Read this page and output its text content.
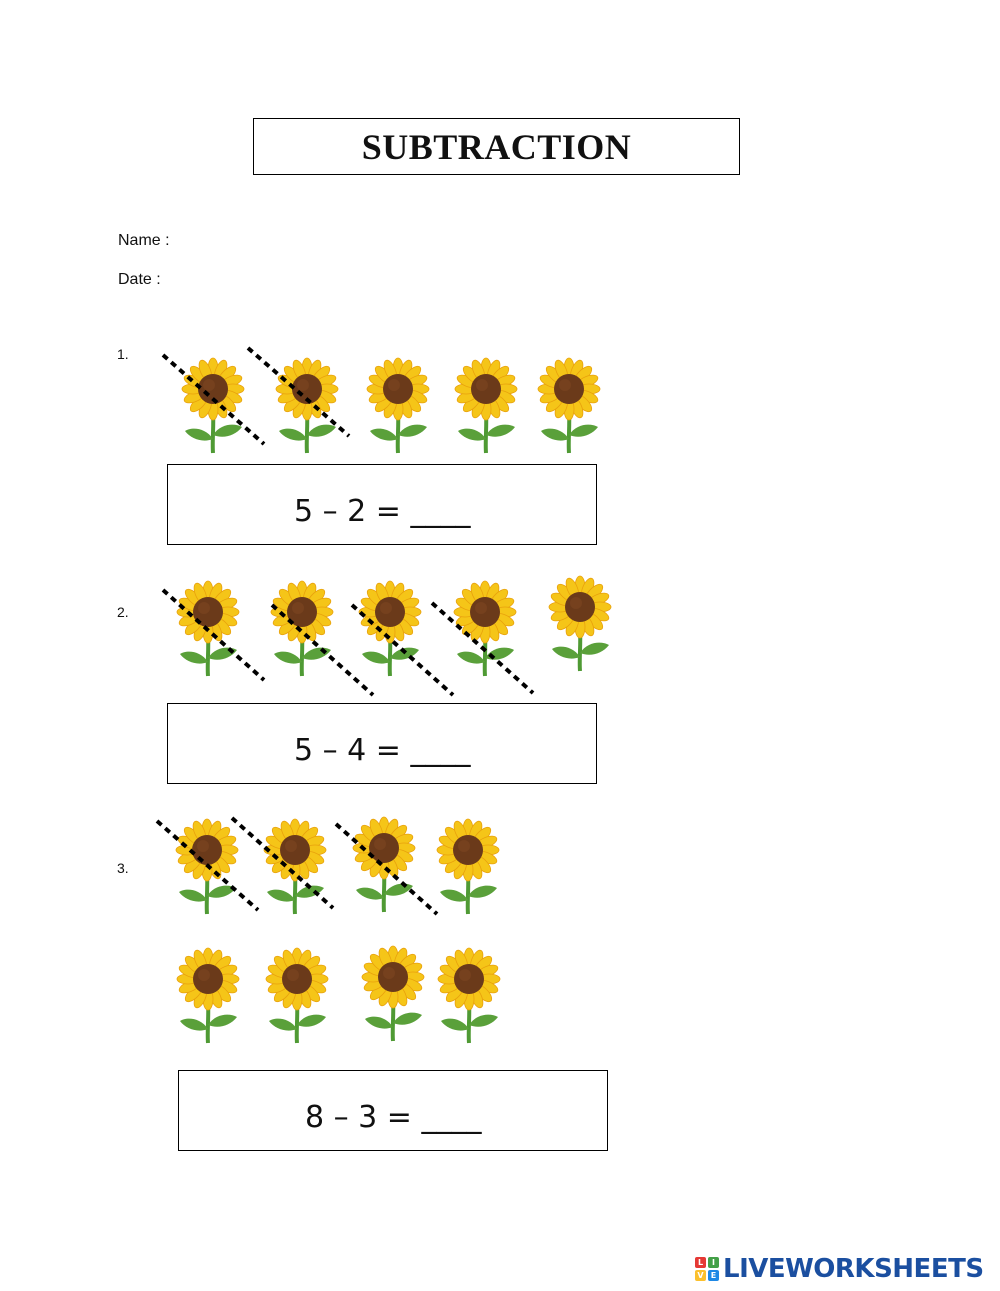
SUBTRACTION
Name :
Date :
1.
2.
3.
5 – 2 = ____
5 – 4 = ____
8 – 3 = ____
L	I
V E LIVEWORKSHEETS
